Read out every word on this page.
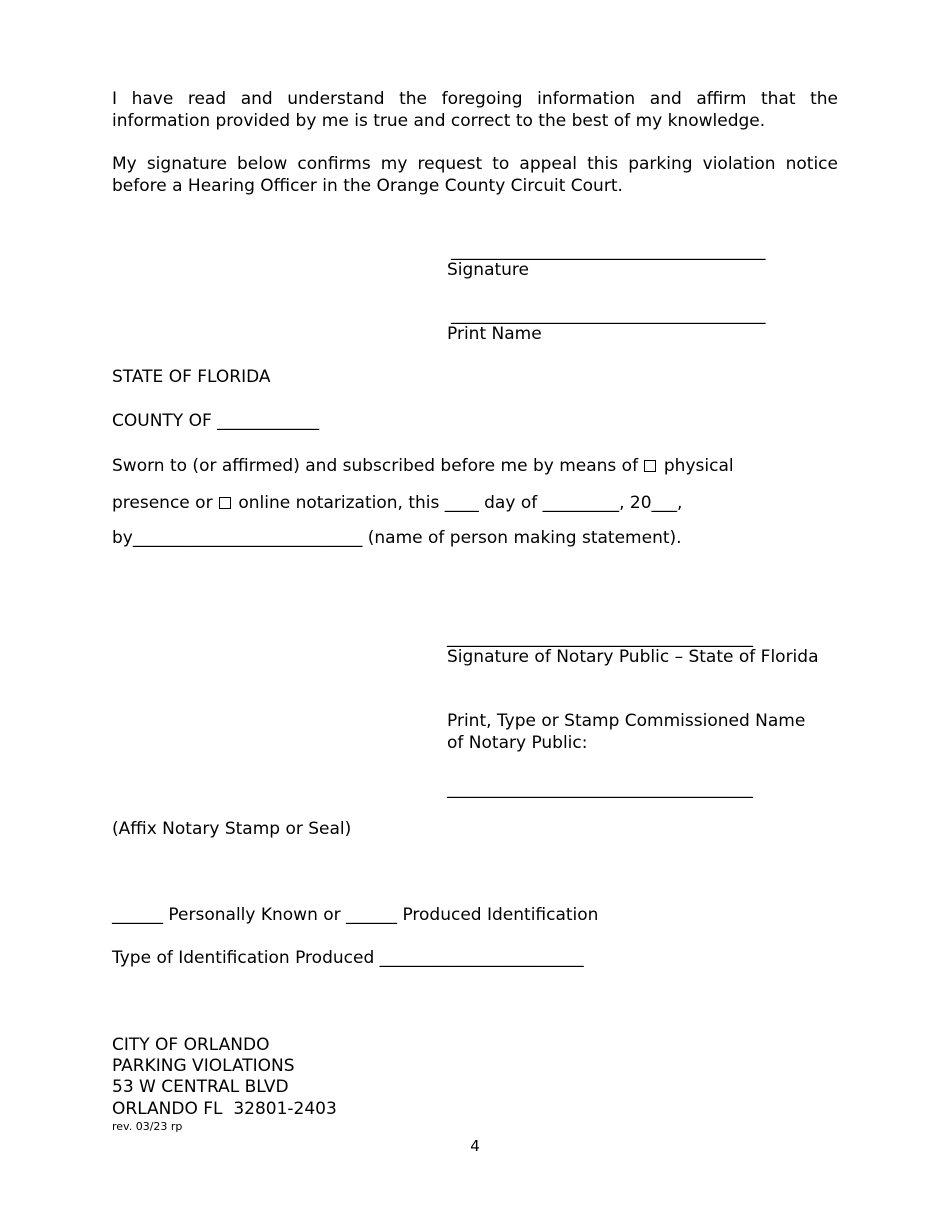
I have read and understand the foregoing information and affirm that the information provided by me is true and correct to the best of my knowledge.
My signature below confirms my request to appeal this parking violation notice before a Hearing Officer in the Orange County Circuit Court.
_____________________________________
Signature
_____________________________________
Print Name
STATE OF FLORIDA
COUNTY OF ____________
Sworn to (or affirmed) and subscribed before me by means of physical
presence or online notarization, this ____ day of _________, 20___,
by___________________________ (name of person making statement).
____________________________________
Signature of Notary Public – State of Florida
Print, Type or Stamp Commissioned Name
of Notary Public:
____________________________________
(Affix Notary Stamp or Seal)
______ Personally Known or ______ Produced Identification
Type of Identification Produced ________________________
CITY OF ORLANDO
PARKING VIOLATIONS
53 W CENTRAL BLVD
ORLANDO FL  32801-2403
rev. 03/23 rp
4
